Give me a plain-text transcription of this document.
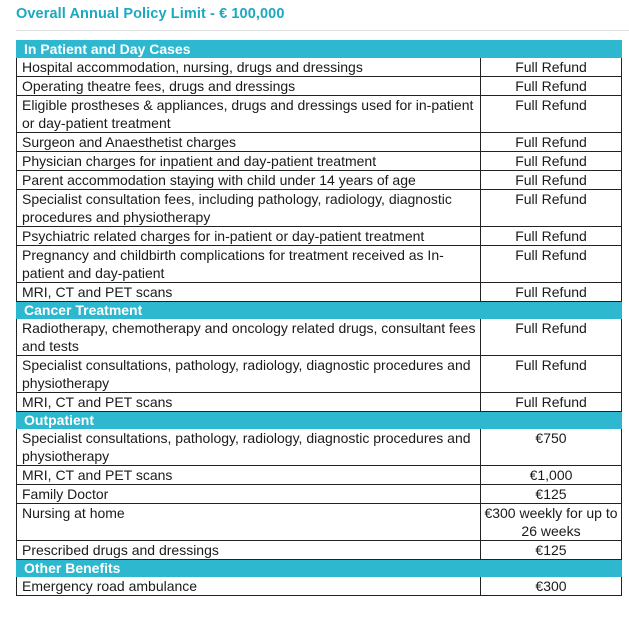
Overall Annual Policy Limit - € 100,000
In Patient and Day Cases	
Hospital accommodation, nursing, drugs and dressings	Full Refund
Operating theatre fees, drugs and dressings	Full Refund
Eligible prostheses & appliances, drugs and dressings used for in-patient or day-patient treatment	Full Refund
Surgeon and Anaesthetist charges	Full Refund
Physician charges for inpatient and day-patient treatment	Full Refund
Parent accommodation staying with child under 14 years of age	Full Refund
Specialist consultation fees, including pathology, radiology, diagnostic procedures and physiotherapy	Full Refund
Psychiatric related charges for in-patient or day-patient treatment	Full Refund
Pregnancy and childbirth complications for treatment received as In-patient and day-patient	Full Refund
MRI, CT and PET scans	Full Refund
Cancer Treatment	
Radiotherapy, chemotherapy and oncology related drugs, consultant fees and tests	Full Refund
Specialist consultations, pathology, radiology, diagnostic procedures and physiotherapy	Full Refund
MRI, CT and PET scans	Full Refund
Outpatient	
Specialist consultations, pathology, radiology, diagnostic procedures and physiotherapy	€750
MRI, CT and PET scans	€1,000
Family Doctor	€125
Nursing at home	€300 weekly for up to 26 weeks
Prescribed drugs and dressings	€125
Other Benefits	
Emergency road ambulance	€300
